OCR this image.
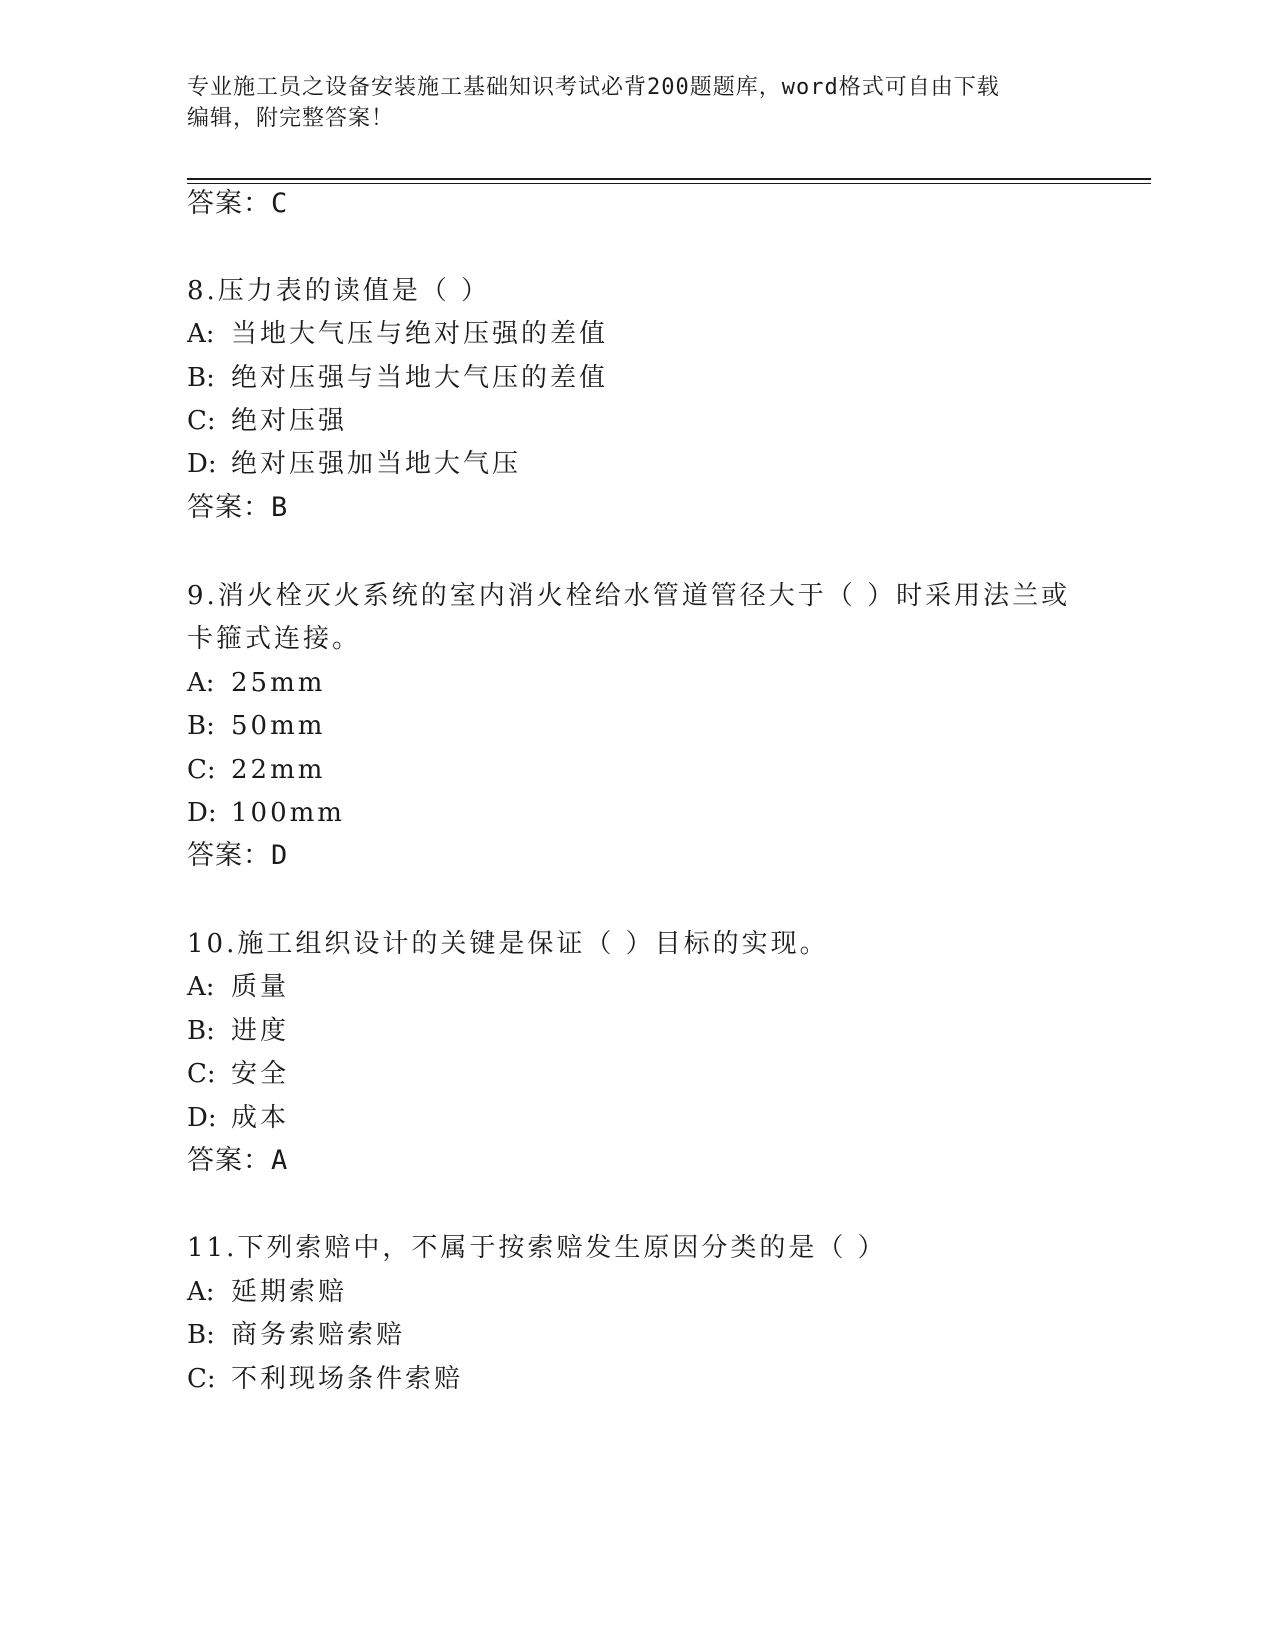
专业施工员之设备安装施工基础知识考试必背200题题库，word格式可自由下载
编辑，附完整答案！
答案：C
8.压力表的读值是（ ）
A: 当地大气压与绝对压强的差值
B: 绝对压强与当地大气压的差值
C: 绝对压强
D: 绝对压强加当地大气压
答案：B
9.消火栓灭火系统的室内消火栓给水管道管径大于（ ）时采用法兰或
卡箍式连接。
A: 25mm
B: 50mm
C: 22mm
D: 100mm
答案：D
10.施工组织设计的关键是保证（ ）目标的实现。
A: 质量
B: 进度
C: 安全
D: 成本
答案：A
11.下列索赔中，不属于按索赔发生原因分类的是（ ）
A: 延期索赔
B: 商务索赔索赔
C: 不利现场条件索赔
